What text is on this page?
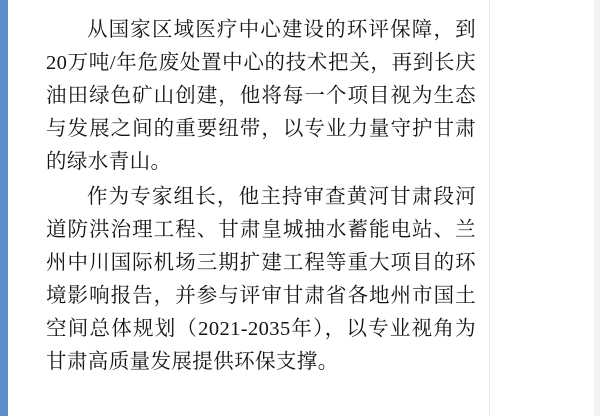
从国家区域医疗中心建设的环评保障，到20万吨/年危废处置中心的技术把关，再到长庆油田绿色矿山创建，他将每一个项目视为生态与发展之间的重要纽带，以专业力量守护甘肃的绿水青山。

作为专家组长，他主持审查黄河甘肃段河道防洪治理工程、甘肃皇城抽水蓄能电站、兰州中川国际机场三期扩建工程等重大项目的环境影响报告，并参与评审甘肃省各地州市国土空间总体规划（2021-2035年），以专业视角为甘肃高质量发展提供环保支撑。
